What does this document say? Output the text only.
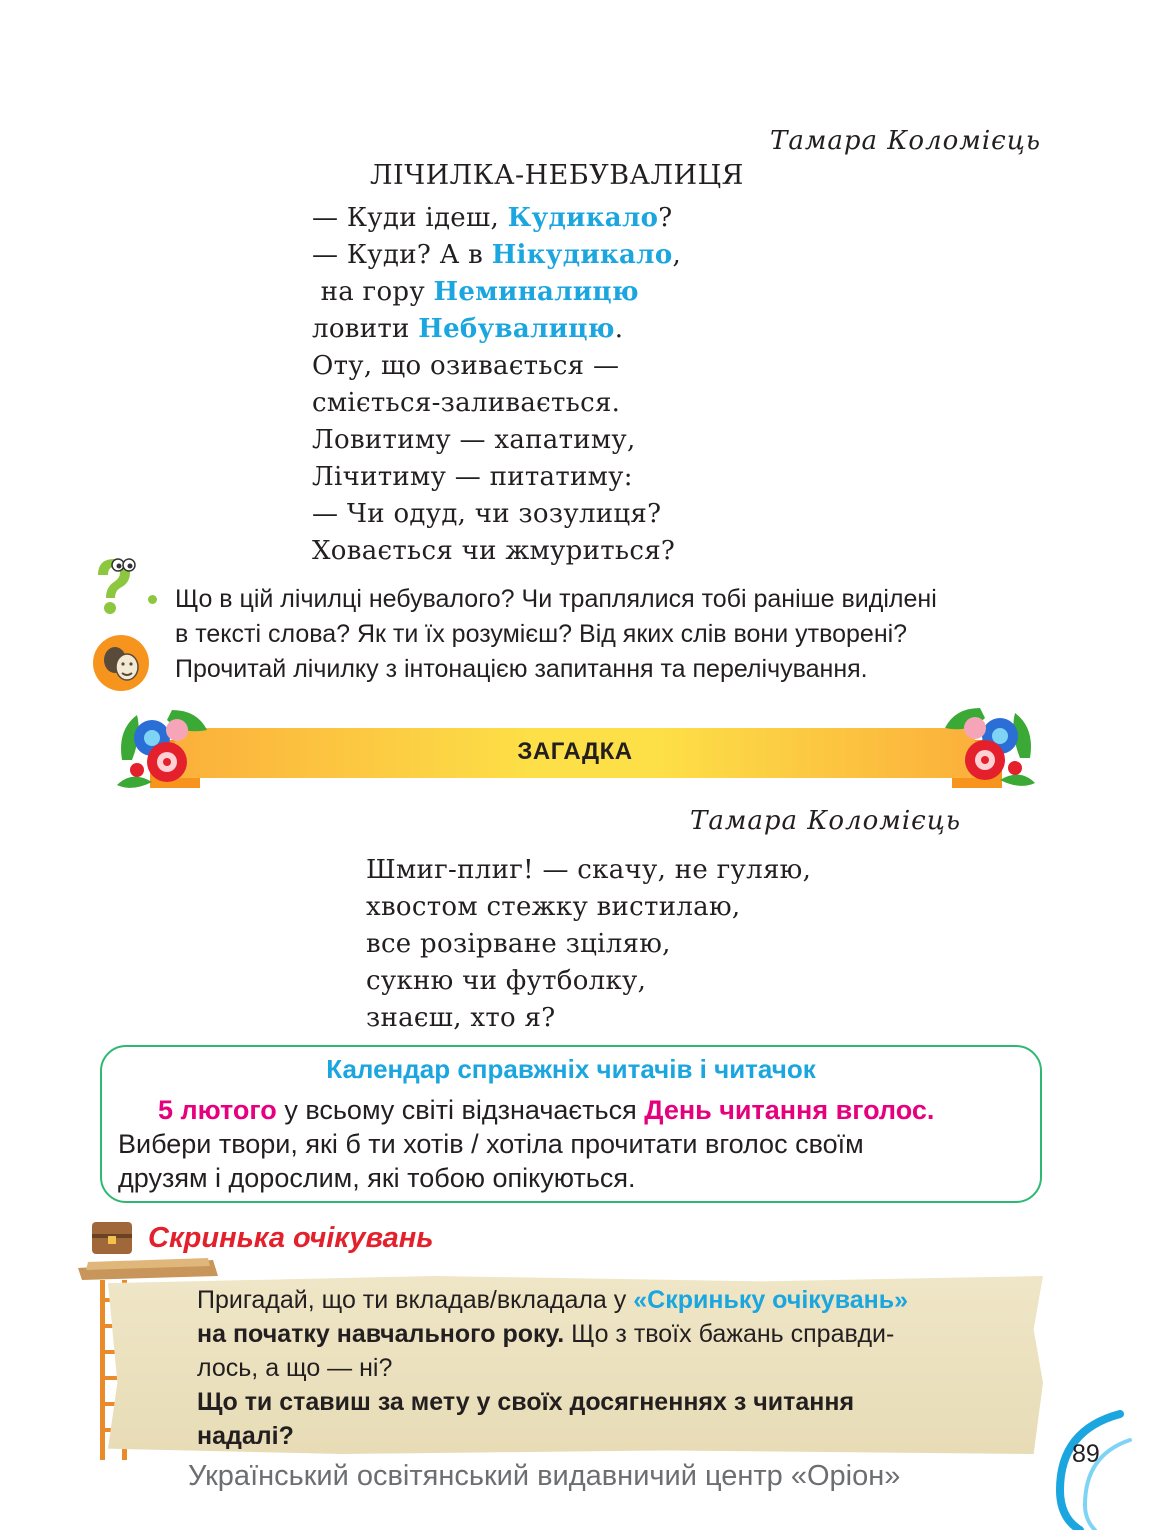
Тамара Коломієць
ЛІЧИЛКА-НЕБУВАЛИЦЯ
— Куди ідеш, Кудикало?
— Куди? А в Нікудикало,
на гору Неминалицю
ловити Небувалицю.
Оту, що озивається —
сміється-заливається.
Ловитиму — хапатиму,
Лічитиму — питатиму:
— Чи одуд, чи зозулиця?
Ховається чи жмуриться?
Що в цій лічилці небувалого? Чи траплялися тобі раніше виділені
в тексті слова? Як ти їх розумієш? Від яких слів вони утворені?
Прочитай лічилку з інтонацією запитання та перелічування.
ЗАГАДКА
Тамара Коломієць
Шмиг-плиг! — скачу, не гуляю,
хвостом стежку вистилаю,
все розірване зціляю,
сукню чи футболку,
знаєш, хто я?
Календар справжніх читачів і читачок
5 лютого у всьому світі відзначається День читання вголос.
Вибери твори, які б ти хотів / хотіла прочитати вголос своїм
друзям і дорослим, які тобою опікуються.
Скринька очікувань
Пригадай, що ти вкладав/вкладала у «Скриньку очікувань»
на початку навчального року. Що з твоїх бажань справди-
лось, а що — ні?
Що ти ставиш за мету у своїх досягненнях з читання
надалі?
Український освітянський видавничий центр «Оріон»
89
